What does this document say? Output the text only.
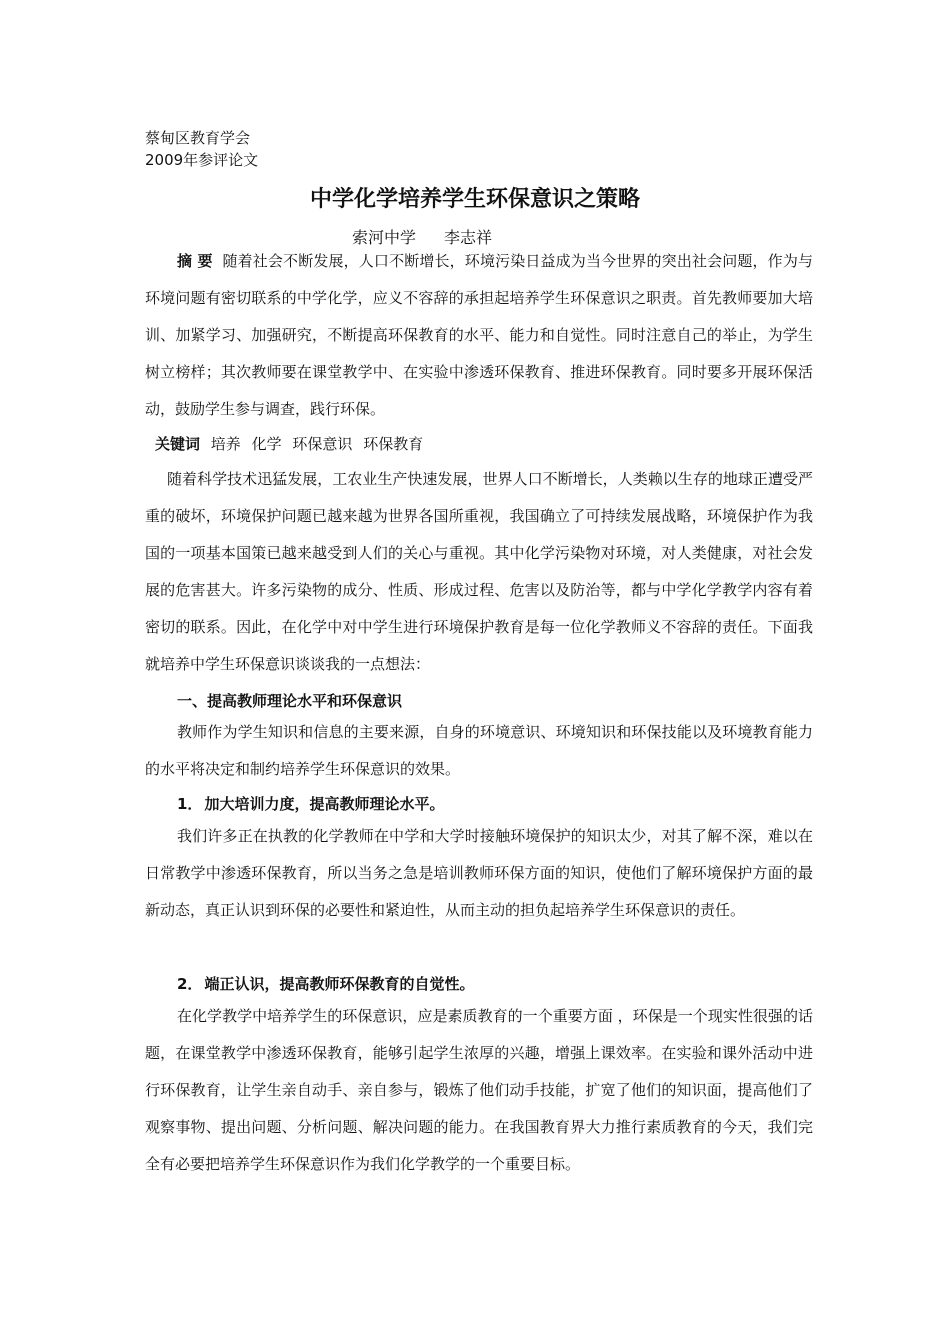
蔡甸区教育学会
2009年参评论文
中学化学培养学生环保意识之策略
索河中学 李志祥
摘 要 随着社会不断发展，人口不断增长，环境污染日益成为当今世界的突出社会问题，作为与环境问题有密切联系的中学化学，应义不容辞的承担起培养学生环保意识之职责。首先教师要加大培训、加紧学习、加强研究，不断提高环保教育的水平、能力和自觉性。同时注意自己的举止，为学生树立榜样；其次教师要在课堂教学中、在实验中渗透环保教育、推进环保教育。同时要多开展环保活动，鼓励学生参与调查，践行环保。
关键词 培养 化学 环保意识 环保教育
随着科学技术迅猛发展，工农业生产快速发展，世界人口不断增长，人类赖以生存的地球正遭受严重的破坏，环境保护问题已越来越为世界各国所重视，我国确立了可持续发展战略，环境保护作为我国的一项基本国策已越来越受到人们的关心与重视。其中化学污染物对环境，对人类健康，对社会发展的危害甚大。许多污染物的成分、性质、形成过程、危害以及防治等，都与中学化学教学内容有着密切的联系。因此，在化学中对中学生进行环境保护教育是每一位化学教师义不容辞的责任。下面我就培养中学生环保意识谈谈我的一点想法：
一、提高教师理论水平和环保意识
教师作为学生知识和信息的主要来源，自身的环境意识、环境知识和环保技能以及环境教育能力的水平将决定和制约培养学生环保意识的效果。
1． 加大培训力度，提高教师理论水平。
我们许多正在执教的化学教师在中学和大学时接触环境保护的知识太少，对其了解不深，难以在日常教学中渗透环保教育，所以当务之急是培训教师环保方面的知识，使他们了解环境保护方面的最新动态，真正认识到环保的必要性和紧迫性，从而主动的担负起培养学生环保意识的责任。
2． 端正认识，提高教师环保教育的自觉性。
在化学教学中培养学生的环保意识，应是素质教育的一个重要方面 ，环保是一个现实性很强的话题，在课堂教学中渗透环保教育，能够引起学生浓厚的兴趣，增强上课效率。在实验和课外活动中进行环保教育，让学生亲自动手、亲自参与，锻炼了他们动手技能，扩宽了他们的知识面，提高他们了观察事物、提出问题、分析问题、解决问题的能力。在我国教育界大力推行素质教育的今天，我们完全有必要把培养学生环保意识作为我们化学教学的一个重要目标。
